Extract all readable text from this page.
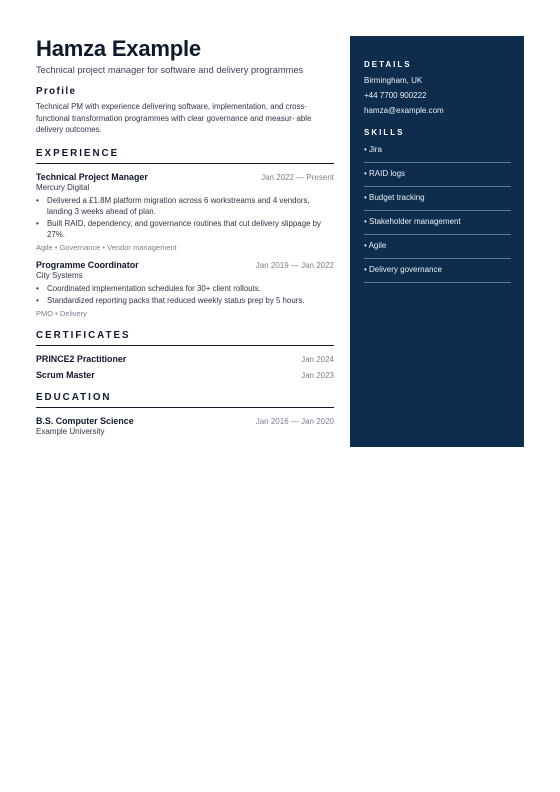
Hamza Example
Technical project manager for software and delivery programmes
Profile
Technical PM with experience delivering software, implementation, and cross-functional transformation programmes with clear governance and measur- able delivery outcomes.
EXPERIENCE
Technical Project Manager	Jan 2022 — Present
Mercury Digital
• Delivered a £1.8M platform migration across 6 workstreams and 4 vendors, landing 3 weeks ahead of plan.
• Built RAID, dependency, and governance routines that cut delivery slippage by 27%.
Agile • Governance • Vendor management
Programme Coordinator	Jan 2019 — Jan 2022
City Systems
• Coordinated implementation schedules for 30+ client rollouts.
• Standardized reporting packs that reduced weekly status prep by 5 hours.
PMO • Delivery
CERTIFICATES
PRINCE2 Practitioner	Jan 2024
Scrum Master	Jan 2023
EDUCATION
B.S. Computer Science	Jan 2016 — Jan 2020
Example University
DETAILS
Birmingham, UK
+44 7700 900222
hamza@example.com
SKILLS
• Jira
• RAID logs
• Budget tracking
• Stakeholder management
• Agile
• Delivery governance
